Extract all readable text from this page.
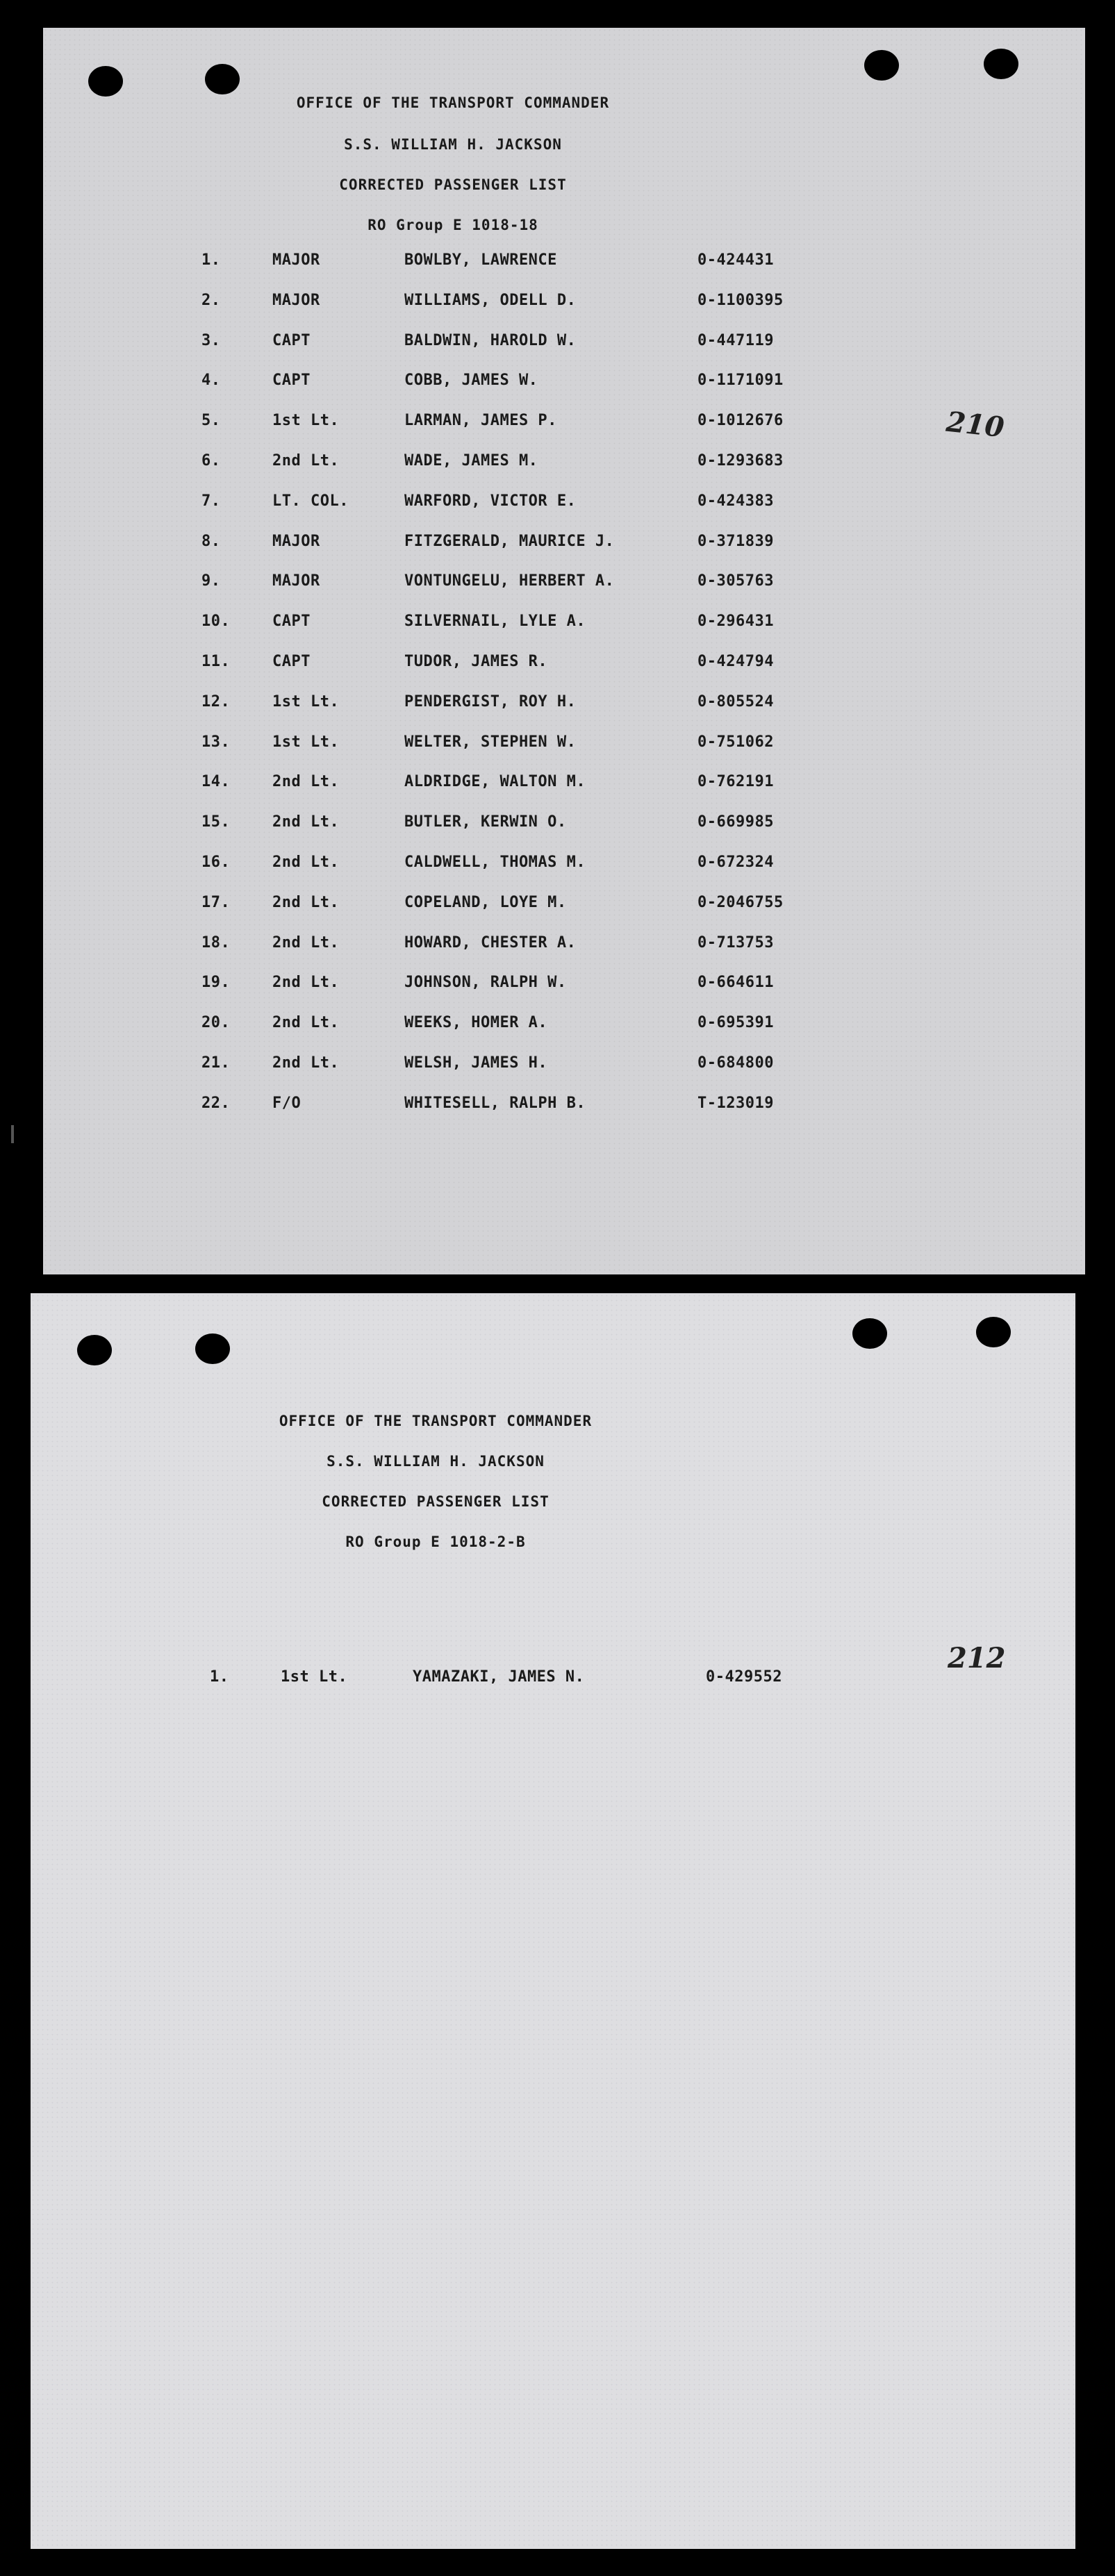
OFFICE OF THE TRANSPORT COMMANDER
S.S. WILLIAM H. JACKSON
CORRECTED PASSENGER LIST
RO Group E 1018-18
210
1.	MAJOR	BOWLBY, LAWRENCE	0-424431
2.	MAJOR	WILLIAMS, ODELL D.	0-1100395
3.	CAPT	BALDWIN, HAROLD W.	0-447119
4.	CAPT	COBB, JAMES W.	0-1171091
5.	1st Lt.	LARMAN, JAMES P.	0-1012676
6.	2nd Lt.	WADE, JAMES M.	0-1293683
7.	LT. COL.	WARFORD, VICTOR E.	0-424383
8.	MAJOR	FITZGERALD, MAURICE J.	0-371839
9.	MAJOR	VONTUNGELU, HERBERT A.	0-305763
10.	CAPT	SILVERNAIL, LYLE A.	0-296431
11.	CAPT	TUDOR, JAMES R.	0-424794
12.	1st Lt.	PENDERGIST, ROY H.	0-805524
13.	1st Lt.	WELTER, STEPHEN W.	0-751062
14.	2nd Lt.	ALDRIDGE, WALTON M.	0-762191
15.	2nd Lt.	BUTLER, KERWIN O.	0-669985
16.	2nd Lt.	CALDWELL, THOMAS M.	0-672324
17.	2nd Lt.	COPELAND, LOYE M.	0-2046755
18.	2nd Lt.	HOWARD, CHESTER A.	0-713753
19.	2nd Lt.	JOHNSON, RALPH W.	0-664611
20.	2nd Lt.	WEEKS, HOMER A.	0-695391
21.	2nd Lt.	WELSH, JAMES H.	0-684800
22.	F/O	WHITESELL, RALPH B.	T-123019
OFFICE OF THE TRANSPORT COMMANDER
S.S. WILLIAM H. JACKSON
CORRECTED PASSENGER LIST
RO Group E 1018-2-B
212
1.	1st Lt.	YAMAZAKI, JAMES N.	0-429552
